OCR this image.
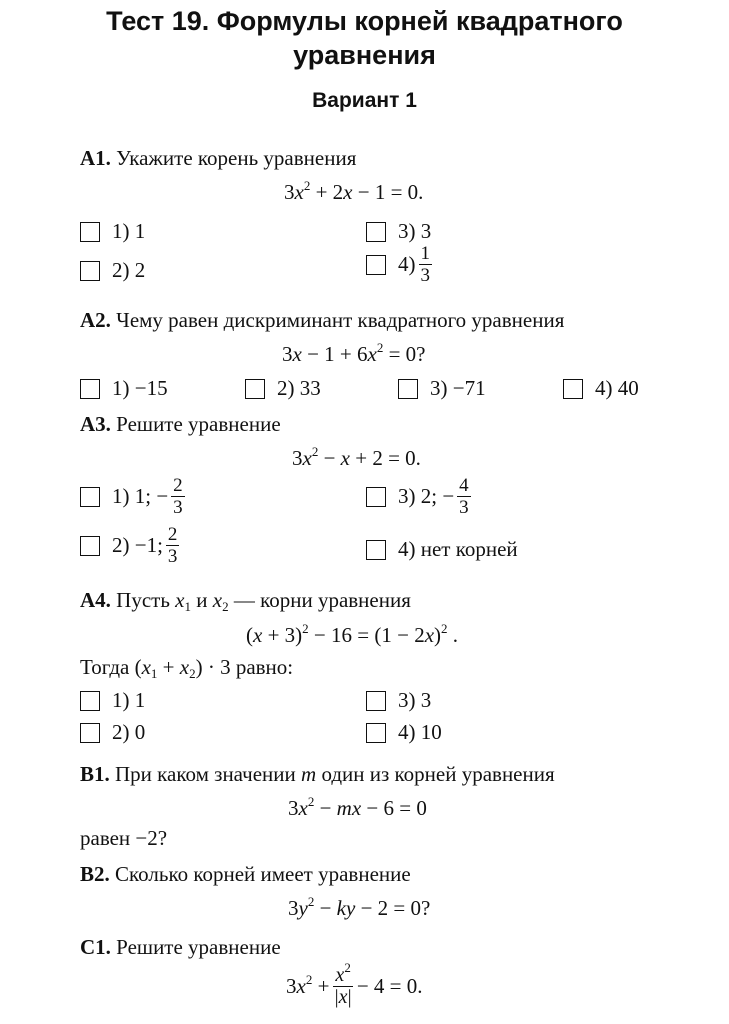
Тест 19. Формулы корней квадратного
уравнения
Вариант 1
А1. Укажите корень уравнения
$3x^2 + 2x - 1 = 0$.
1) 1	3) 3
2) 2	$4) \frac{1}{3}$
А2. Чему равен дискриминант квадратного уравнения
$3x - 1 + 6x^2 = 0$?
1) −15	2) 33	3) −71	4) 40
А3. Решите уравнение
$3x^2 - x + 2 = 0$.
1) 1; − $\frac{2}{3}$	3) 2; − $\frac{4}{3}$
2) −1; $\frac{2}{3}$	4) нет корней
А4. Пусть $x_1$ и $x_2$ — корни уравнения
$(x + 3)^2 - 16 = (1 - 2x)^2$ .
Тогда $(x_1 + x_2) \cdot 3$ равно:
1) 1	3) 3
2) 0	4) 10
В1. При каком значении m один из корней уравнения
$3x^2$ − mx − 6 = 0
равен −2?
В2. Сколько корней имеет уравнение
$3y^2$ − ky − 2 = 0?
С1. Решите уравнение
$3x^2 + \frac{x^2}{|x|} - 4 = 0$.
